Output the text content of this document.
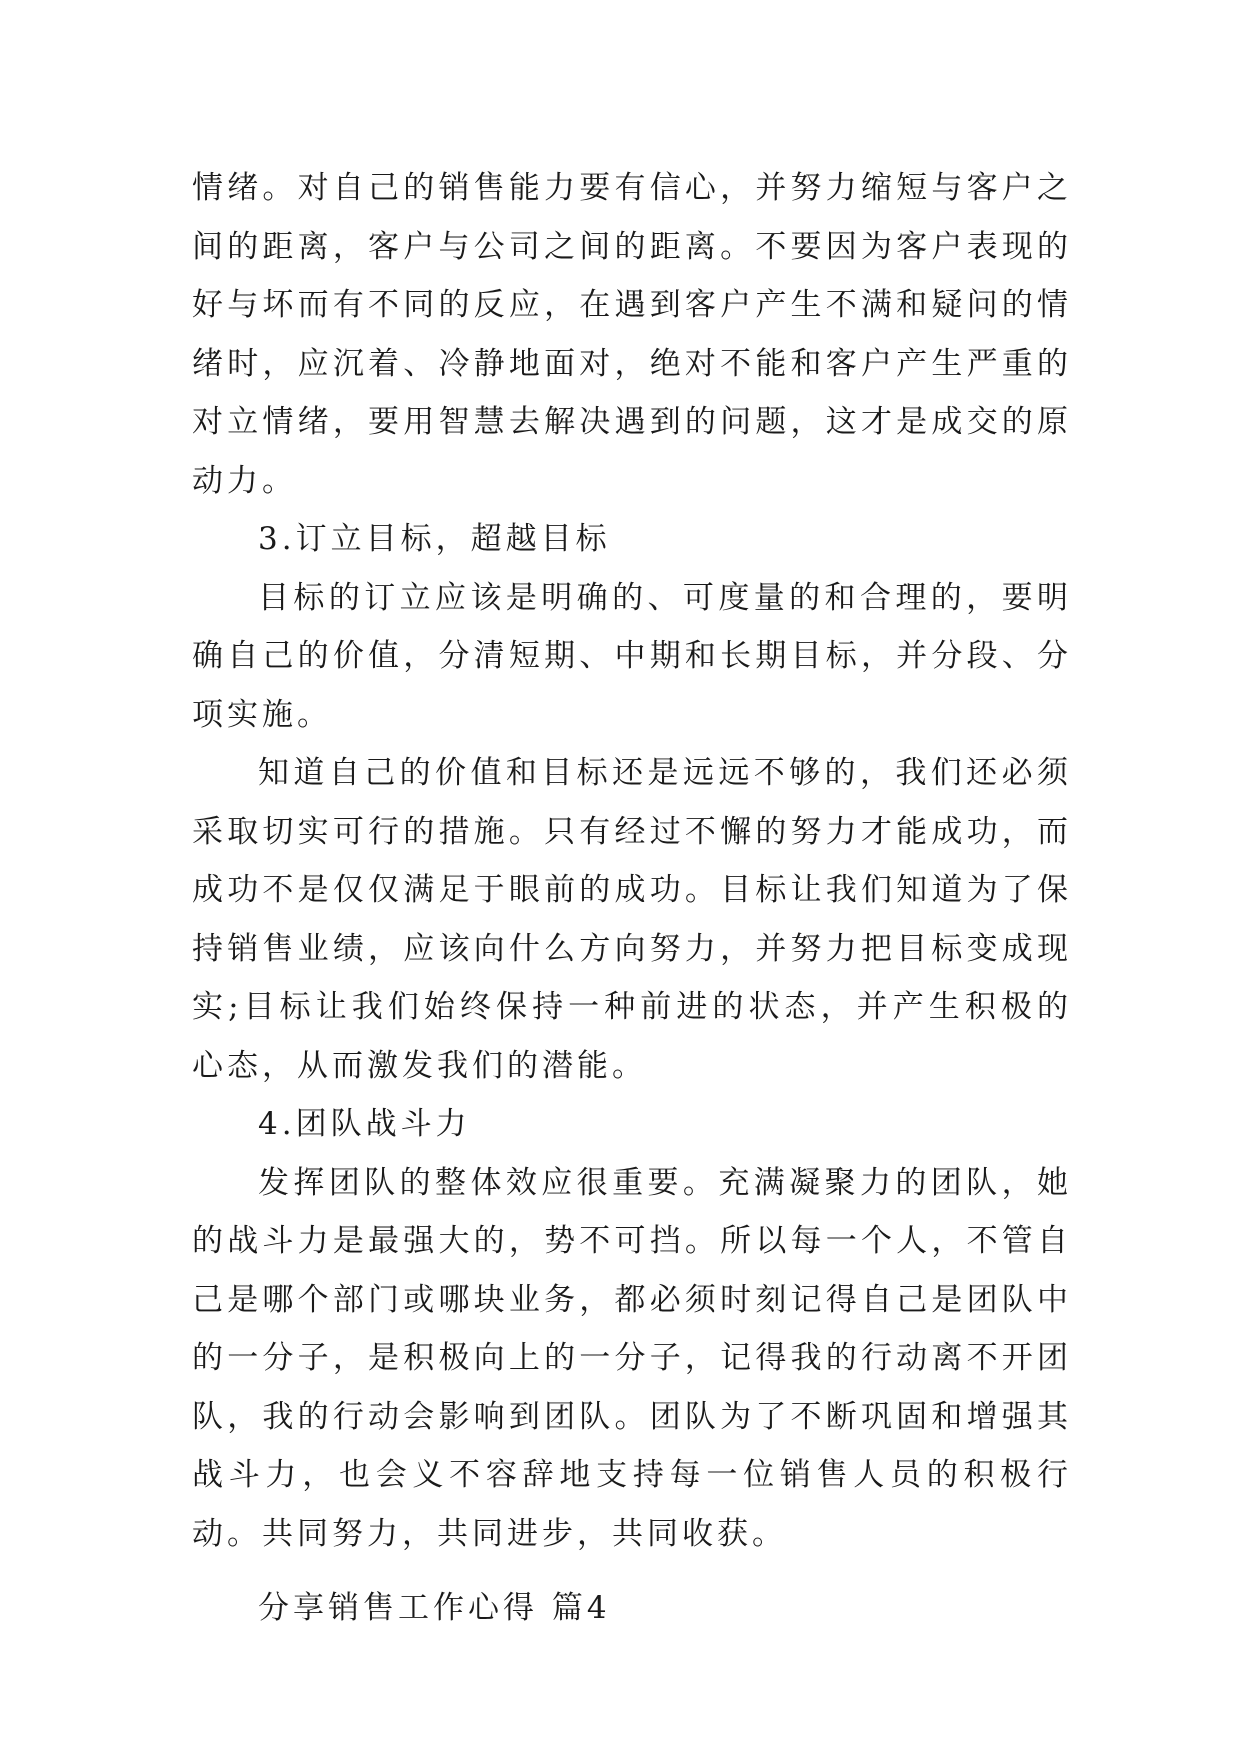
情绪。对自己的销售能力要有信心，并努力缩短与客户之间的距离，客户与公司之间的距离。不要因为客户表现的好与坏而有不同的反应，在遇到客户产生不满和疑问的情绪时，应沉着、冷静地面对，绝对不能和客户产生严重的对立情绪，要用智慧去解决遇到的问题，这才是成交的原动力。

3.订立目标，超越目标

目标的订立应该是明确的、可度量的和合理的，要明确自己的价值，分清短期、中期和长期目标，并分段、分项实施。

知道自己的价值和目标还是远远不够的，我们还必须采取切实可行的措施。只有经过不懈的努力才能成功，而成功不是仅仅满足于眼前的成功。目标让我们知道为了保持销售业绩，应该向什么方向努力，并努力把目标变成现实;目标让我们始终保持一种前进的状态，并产生积极的心态，从而激发我们的潜能。

4.团队战斗力

发挥团队的整体效应很重要。充满凝聚力的团队，她的战斗力是最强大的，势不可挡。所以每一个人，不管自己是哪个部门或哪块业务，都必须时刻记得自己是团队中的一分子，是积极向上的一分子，记得我的行动离不开团队，我的行动会影响到团队。团队为了不断巩固和增强其战斗力，也会义不容辞地支持每一位销售人员的积极行动。共同努力，共同进步，共同收获。

分享销售工作心得 篇4
